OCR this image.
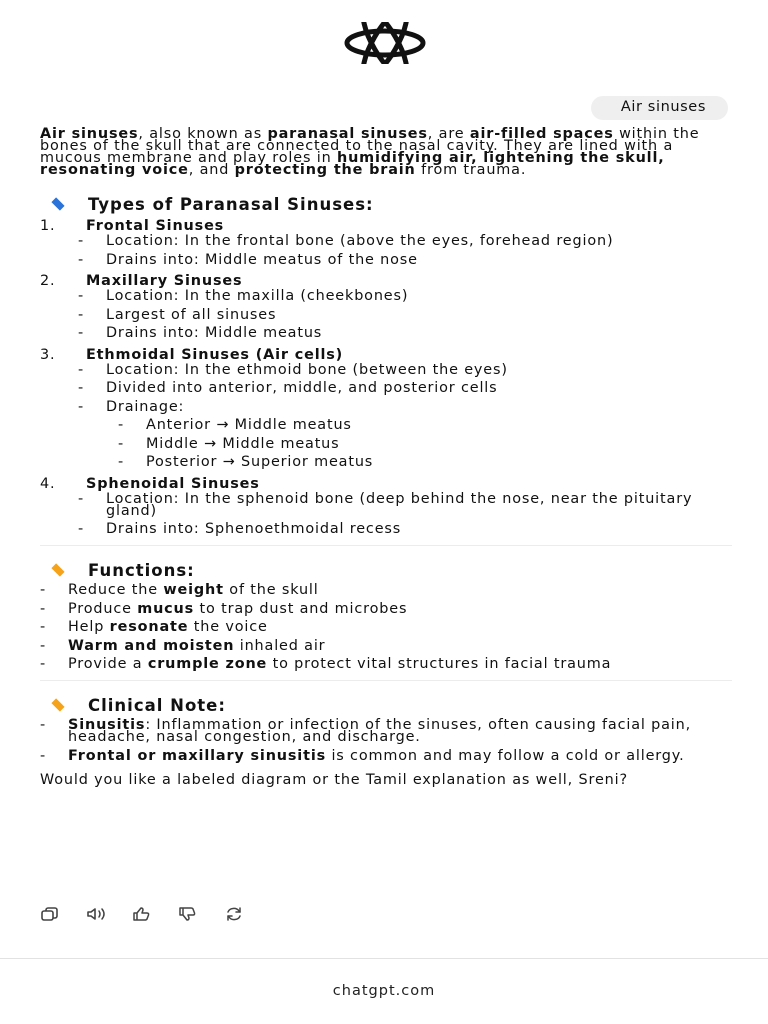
Air sinuses

Air sinuses, also known as paranasal sinuses, are air-filled spaces within the bones of the skull that are connected to the nasal cavity. They are lined with a mucous membrane and play roles in humidifying air, lightening the skull, resonating voice, and protecting the brain from trauma.

Types of Paranasal Sinuses:
1.	Frontal Sinuses
-	Location: In the frontal bone (above the eyes, forehead region)
-	Drains into: Middle meatus of the nose
2.	Maxillary Sinuses
-	Location: In the maxilla (cheekbones)
-	Largest of all sinuses
-	Drains into: Middle meatus
3.	Ethmoidal Sinuses (Air cells)
-	Location: In the ethmoid bone (between the eyes)
-	Divided into anterior, middle, and posterior cells
-	Drainage:
-	Anterior → Middle meatus
-	Middle → Middle meatus
-	Posterior → Superior meatus
4.	Sphenoidal Sinuses
-	Location: In the sphenoid bone (deep behind the nose, near the pituitary gland)
-	Drains into: Sphenoethmoidal recess
Functions:
-	Reduce the weight of the skull
-	Produce mucus to trap dust and microbes
-	Help resonate the voice
-	Warm and moisten inhaled air
-	Provide a crumple zone to protect vital structures in facial trauma
Clinical Note:
-	Sinusitis: Inflammation or infection of the sinuses, often causing facial pain, headache, nasal congestion, and discharge.
-	Frontal or maxillary sinusitis is common and may follow a cold or allergy.

Would you like a labeled diagram or the Tamil explanation as well, Sreni?

chatgpt.com
